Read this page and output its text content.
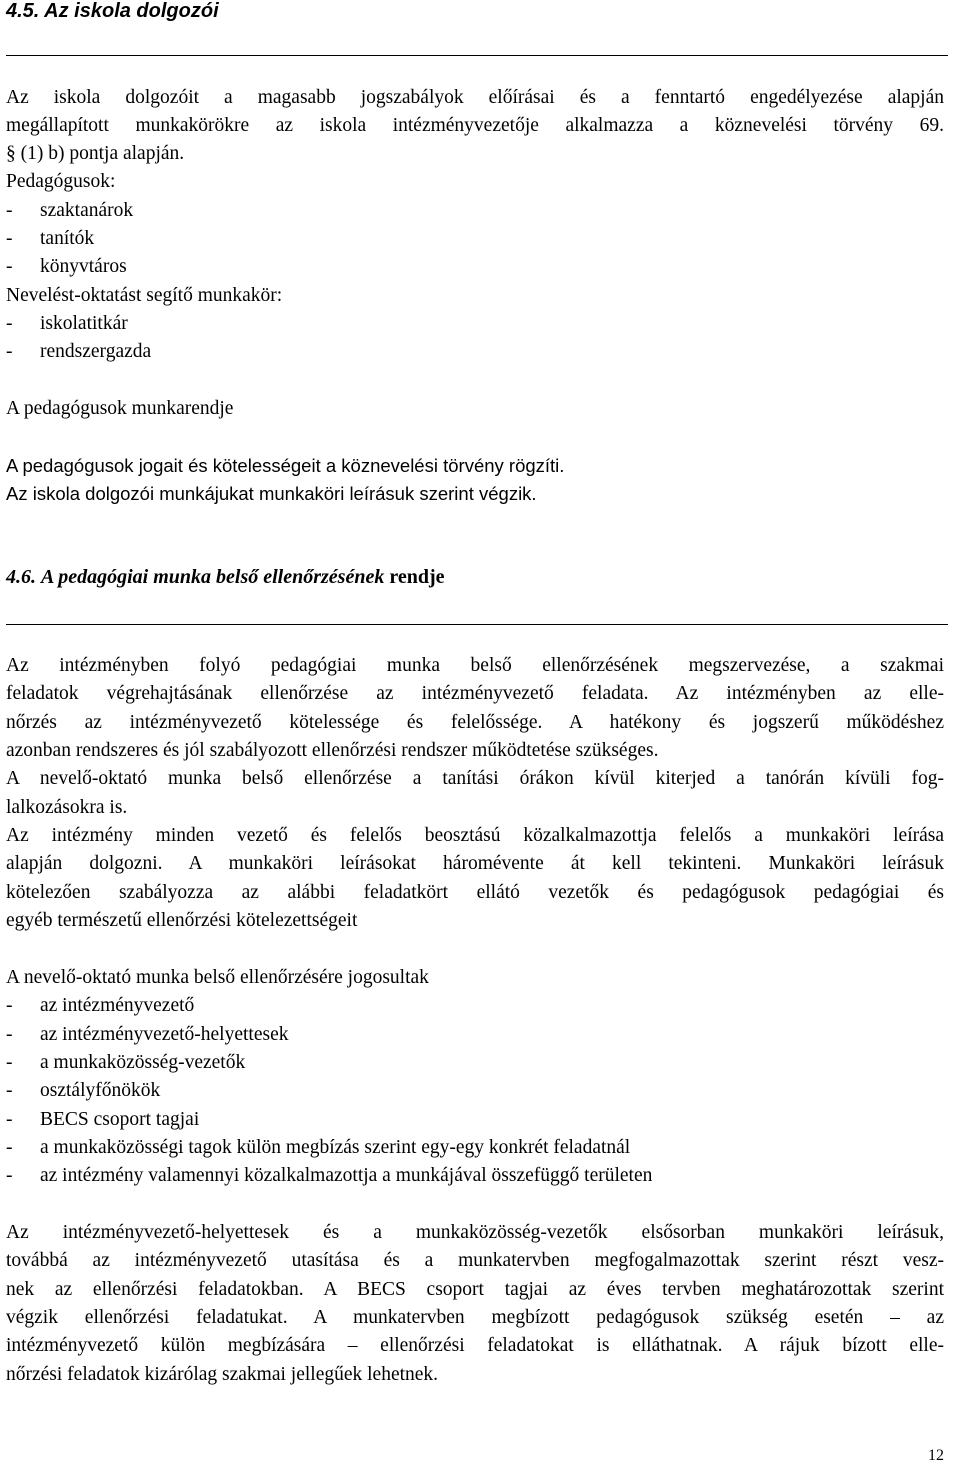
4.5. Az iskola dolgozói
Az iskola dolgozóit a magasabb jogszabályok előírásai és a fenntartó engedélyezése alapján
megállapított munkakörökre az iskola intézményvezetője alkalmazza a köznevelési törvény 69.
§ (1) b) pontja alapján.
Pedagógusok:
- szaktanárok
- tanítók
- könyvtáros
Nevelést-oktatást segítő munkakör:
- iskolatitkár
- rendszergazda
A pedagógusok munkarendje
A pedagógusok jogait és kötelességeit a köznevelési törvény rögzíti.
Az iskola dolgozói munkájukat munkaköri leírásuk szerint végzik.
4.6. A pedagógiai munka belső ellenőrzésének rendje
Az intézményben folyó pedagógiai munka belső ellenőrzésének megszervezése, a szakmai
feladatok végrehajtásának ellenőrzése az intézményvezető feladata. Az intézményben az elle-
nőrzés az intézményvezető kötelessége és felelőssége. A hatékony és jogszerű működéshez
azonban rendszeres és jól szabályozott ellenőrzési rendszer működtetése szükséges.
A nevelő-oktató munka belső ellenőrzése a tanítási órákon kívül kiterjed a tanórán kívüli fog-
lalkozásokra is.
Az intézmény minden vezető és felelős beosztású közalkalmazottja felelős a munkaköri leírása
alapján dolgozni. A munkaköri leírásokat háromévente át kell tekinteni. Munkaköri leírásuk
kötelezően szabályozza az alábbi feladatkört ellátó vezetők és pedagógusok pedagógiai és
egyéb természetű ellenőrzési kötelezettségeit
A nevelő-oktató munka belső ellenőrzésére jogosultak
- az intézményvezető
- az intézményvezető-helyettesek
- a munkaközösség-vezetők
- osztályfőnökök
- BECS csoport tagjai
- a munkaközösségi tagok külön megbízás szerint egy-egy konkrét feladatnál
- az intézmény valamennyi közalkalmazottja a munkájával összefüggő területen
Az intézményvezető-helyettesek és a munkaközösség-vezetők elsősorban munkaköri leírásuk,
továbbá az intézményvezető utasítása és a munkatervben megfogalmazottak szerint részt vesz-
nek az ellenőrzési feladatokban. A BECS csoport tagjai az éves tervben meghatározottak szerint
végzik ellenőrzési feladatukat. A munkatervben megbízott pedagógusok szükség esetén – az
intézményvezető külön megbízására – ellenőrzési feladatokat is elláthatnak. A rájuk bízott elle-
nőrzési feladatok kizárólag szakmai jellegűek lehetnek.
12
